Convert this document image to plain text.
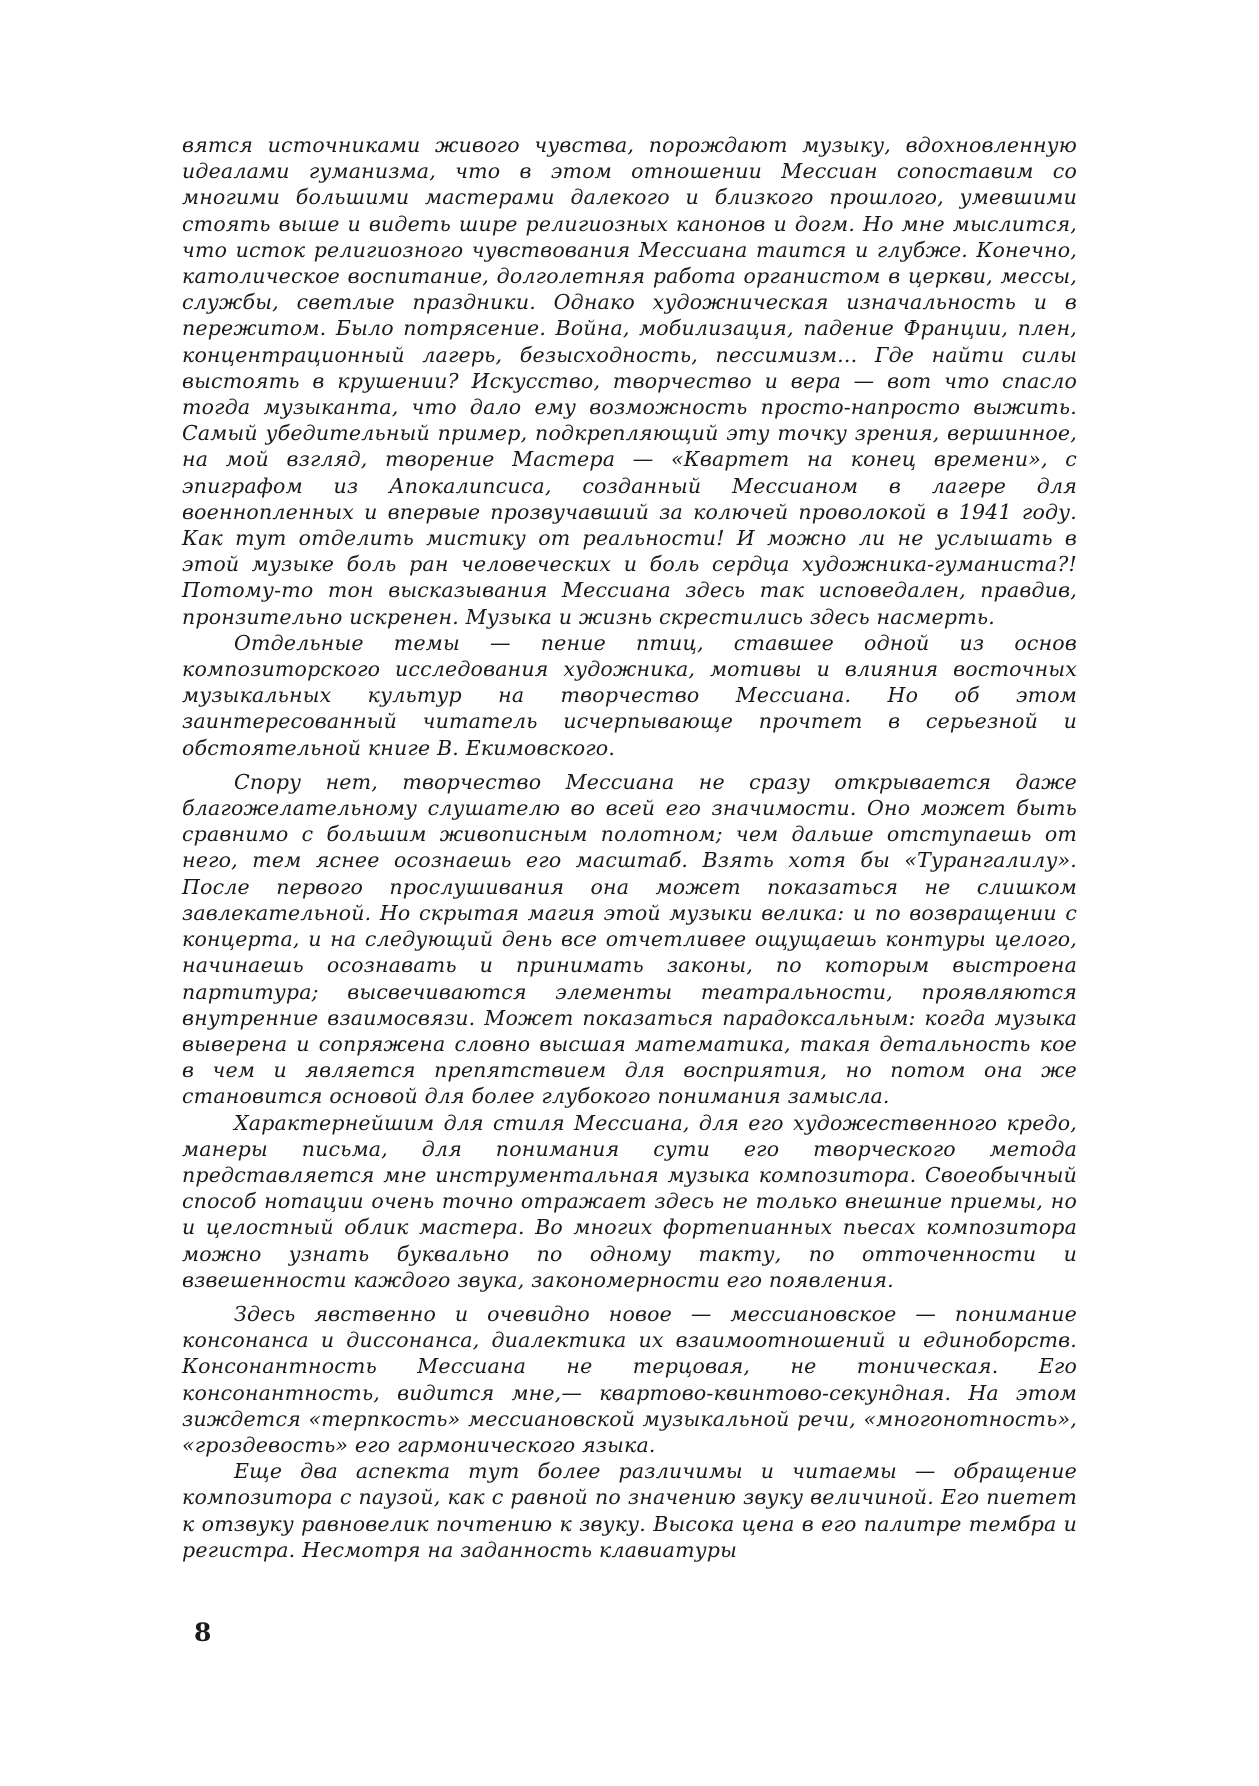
вятся источниками живого чувства, порождают музыку, вдохновленную идеалами гуманизма, что в этом отношении Мессиан сопоставим со многими большими мастерами далекого и близкого прошлого, умевшими стоять выше и видеть шире религиозных канонов и догм. Но мне мыслится, что исток религиозного чувствования Мессиана таится и глубже. Конечно, католическое воспитание, долголетняя работа органистом в церкви, мессы, службы, светлые праздники. Однако художническая изначальность и в пережитом. Было потрясение. Война, мобилизация, падение Франции, плен, концентрационный лагерь, безысходность, пессимизм... Где найти силы выстоять в крушении? Искусство, творчество и вера — вот что спасло тогда музыканта, что дало ему возможность просто-напросто выжить. Самый убедительный пример, подкрепляющий эту точку зрения, вершинное, на мой взгляд, творение Мастера — «Квартет на конец времени», с эпиграфом из Апокалипсиса, созданный Мессианом в лагере для военнопленных и впервые прозвучавший за колючей проволокой в 1941 году. Как тут отделить мистику от реальности! И можно ли не услышать в этой музыке боль ран человеческих и боль сердца художника-гуманиста?! Потому-то тон высказывания Мессиана здесь так исповедален, правдив, пронзительно искренен. Музыка и жизнь скрестились здесь насмерть.

Отдельные темы — пение птиц, ставшее одной из основ композиторского исследования художника, мотивы и влияния восточных музыкальных культур на творчество Мессиана. Но об этом заинтересованный читатель исчерпывающе прочтет в серьезной и обстоятельной книге В. Екимовского.

Спору нет, творчество Мессиана не сразу открывается даже благожелательному слушателю во всей его значимости. Оно может быть сравнимо с большим живописным полотном; чем дальше отступаешь от него, тем яснее осознаешь его масштаб. Взять хотя бы «Турангалилу». После первого прослушивания она может показаться не слишком завлекательной. Но скрытая магия этой музыки велика: и по возвращении с концерта, и на следующий день все отчетливее ощущаешь контуры целого, начинаешь осознавать и принимать законы, по которым выстроена партитура; высвечиваются элементы театральности, проявляются внутренние взаимосвязи. Может показаться парадоксальным: когда музыка выверена и сопряжена словно высшая математика, такая детальность кое в чем и является препятствием для восприятия, но потом она же становится основой для более глубокого понимания замысла.

Характернейшим для стиля Мессиана, для его художественного кредо, манеры письма, для понимания сути его творческого метода представляется мне инструментальная музыка композитора. Своеобычный способ нотации очень точно отражает здесь не только внешние приемы, но и целостный облик мастера. Во многих фортепианных пьесах композитора можно узнать буквально по одному такту, по отточенности и взвешенности каждого звука, закономерности его появления.

Здесь явственно и очевидно новое — мессиановское — понимание консонанса и диссонанса, диалектика их взаимоотношений и единоборств. Консонантность Мессиана не терцовая, не тоническая. Его консонантность, видится мне,— квартово-квинтово-секундная. На этом зиждется «терпкость» мессиановской музыкальной речи, «многонотность», «гроздевость» его гармонического языка.

Еще два аспекта тут более различимы и читаемы — обращение композитора с паузой, как с равной по значению звуку величиной. Его пиетет к отзвуку равновелик почтению к звуку. Высока цена в его палитре тембра и регистра. Несмотря на заданность клавиатуры

8
